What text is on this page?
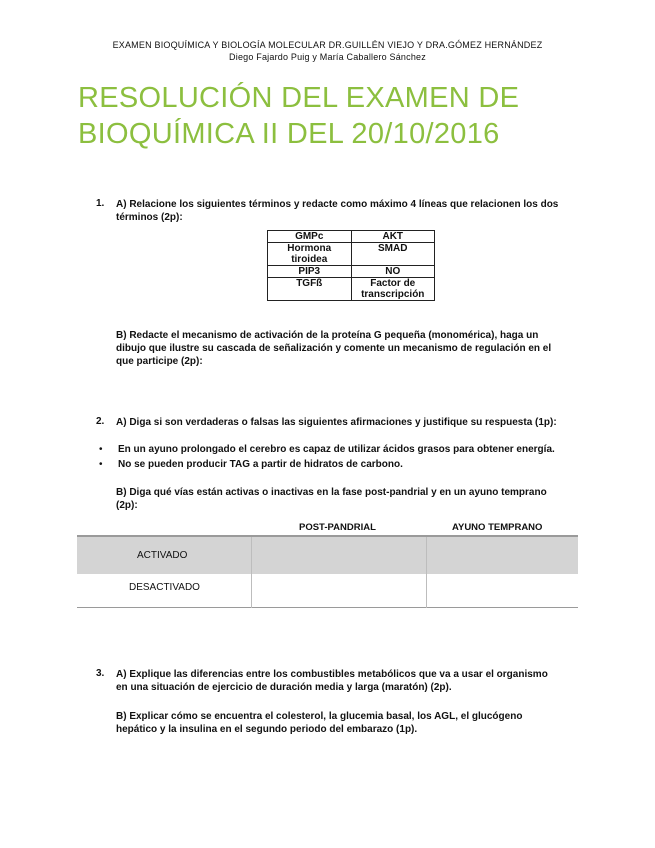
EXAMEN BIOQUÍMICA Y BIOLOGÍA MOLECULAR DR.GUILLÉN VIEJO Y DRA.GÓMEZ HERNÁNDEZ
Diego Fajardo Puig y María Caballero Sánchez
RESOLUCIÓN DEL EXAMEN DE
BIOQUÍMICA II DEL 20/10/2016
1. A) Relacione los siguientes términos y redacte como máximo 4 líneas que relacionen los dos
términos (2p):
GMPc	AKT
Hormona tiroidea	SMAD
PIP3	NO
TGFß	Factor de transcripción
B) Redacte el mecanismo de activación de la proteína G pequeña (monomérica), haga un
dibujo que ilustre su cascada de señalización y comente un mecanismo de regulación en el
que participe (2p):
2. A) Diga si son verdaderas o falsas las siguientes afirmaciones y justifique su respuesta (1p):
• En un ayuno prolongado el cerebro es capaz de utilizar ácidos grasos para obtener energía.
• No se pueden producir TAG a partir de hidratos de carbono.
B) Diga qué vías están activas o inactivas en la fase post-pandrial y en un ayuno temprano
(2p):
POST-PANDRIAL	AYUNO TEMPRANO
ACTIVADO
DESACTIVADO
3. A) Explique las diferencias entre los combustibles metabólicos que va a usar el organismo
en una situación de ejercicio de duración media y larga (maratón) (2p).
B) Explicar cómo se encuentra el colesterol, la glucemia basal, los AGL, el glucógeno
hepático y la insulina en el segundo periodo del embarazo (1p).
